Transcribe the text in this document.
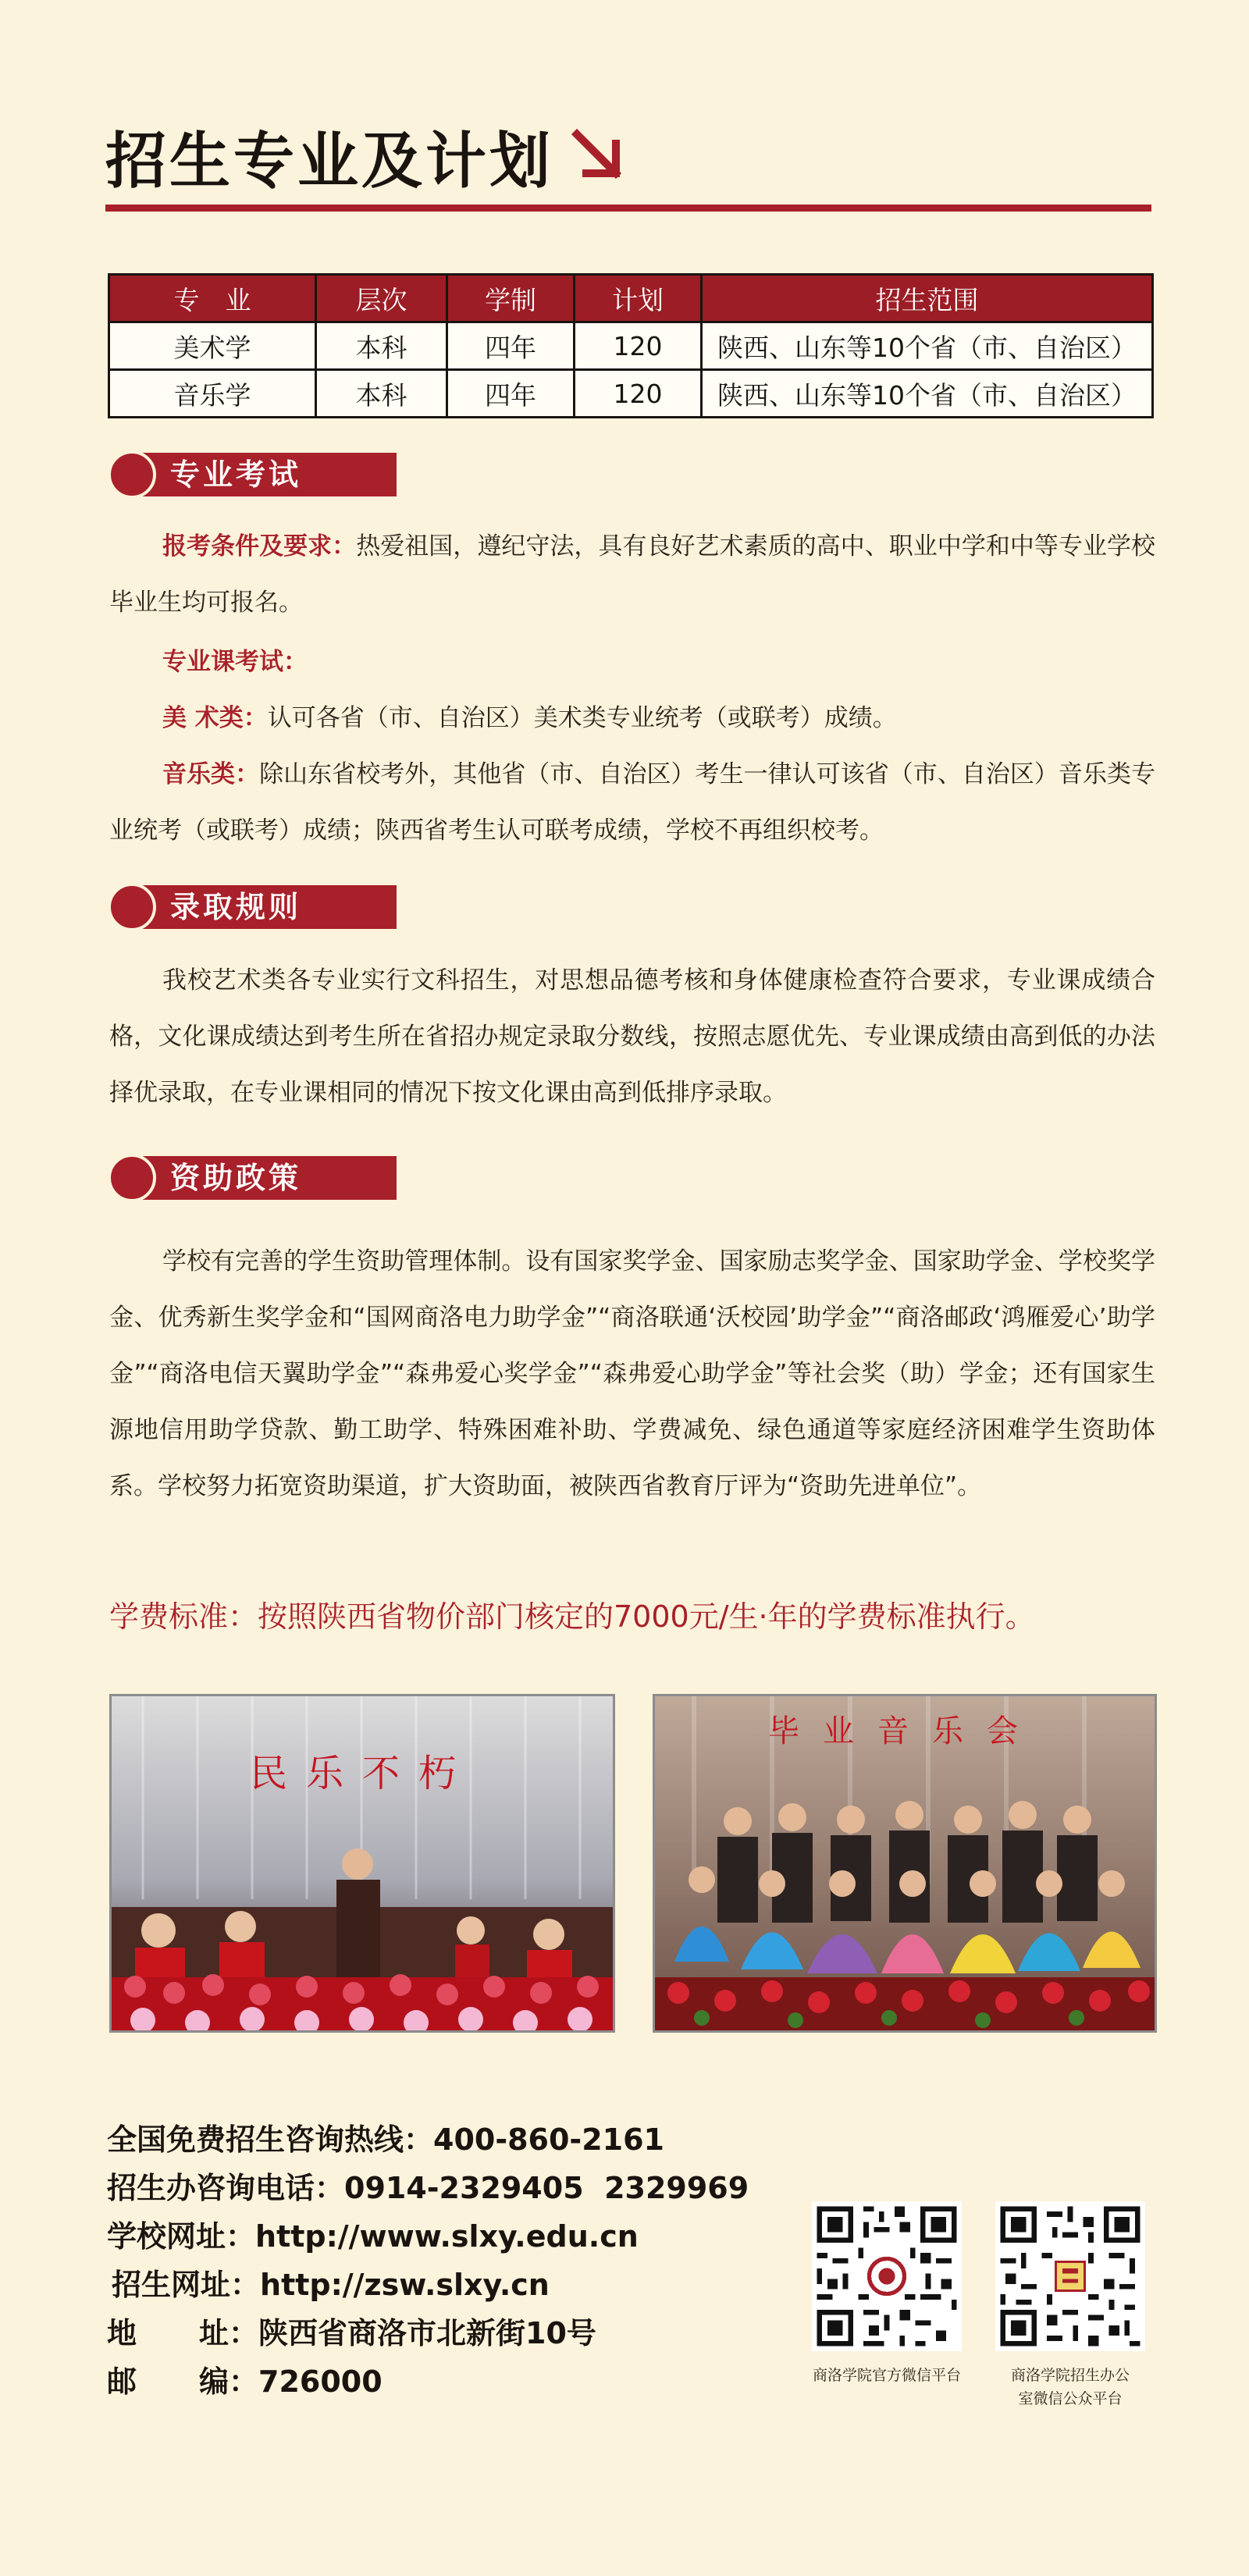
招生专业及计划
专　业	层次	学制	计划	招生范围
美术学	本科	四年	120	陕西、山东等10个省（市、自治区）
音乐学	本科	四年	120	陕西、山东等10个省（市、自治区）
专业考试
报考条件及要求：热爱祖国，遵纪守法，具有良好艺术素质的高中、职业中学和中等专业学校毕业生均可报名。
专业课考试：
美 术类：认可各省（市、自治区）美术类专业统考（或联考）成绩。
音乐类：除山东省校考外，其他省（市、自治区）考生一律认可该省（市、自治区）音乐类专业统考（或联考）成绩；陕西省考生认可联考成绩，学校不再组织校考。
录取规则
我校艺术类各专业实行文科招生，对思想品德考核和身体健康检查符合要求，专业课成绩合格，文化课成绩达到考生所在省招办规定录取分数线，按照志愿优先、专业课成绩由高到低的办法择优录取，在专业课相同的情况下按文化课由高到低排序录取。
资助政策
学校有完善的学生资助管理体制。设有国家奖学金、国家励志奖学金、国家助学金、学校奖学金、优秀新生奖学金和“国网商洛电力助学金”“商洛联通‘沃校园’助学金”“商洛邮政‘鸿雁爱心’助学金”“商洛电信天翼助学金”“森弗爱心奖学金”“森弗爱心助学金”等社会奖（助）学金；还有国家生源地信用助学贷款、勤工助学、特殊困难补助、学费减免、绿色通道等家庭经济困难学生资助体系。学校努力拓宽资助渠道，扩大资助面，被陕西省教育厅评为“资助先进单位”。
学费标准：按照陕西省物价部门核定的7000元/生·年的学费标准执行。
民乐不朽
毕业音乐会
全国免费招生咨询热线： 400-860-2161
招生办咨询电话： 0914-2329405  2329969
学校网址： http://www.slxy.edu.cn
招生网址： http://zsw.slxy.cn
地	址： 陕西省商洛市北新街10号
邮	编： 726000	商洛学院官方微信平台	商洛学院招生办公
室微信公众平台
